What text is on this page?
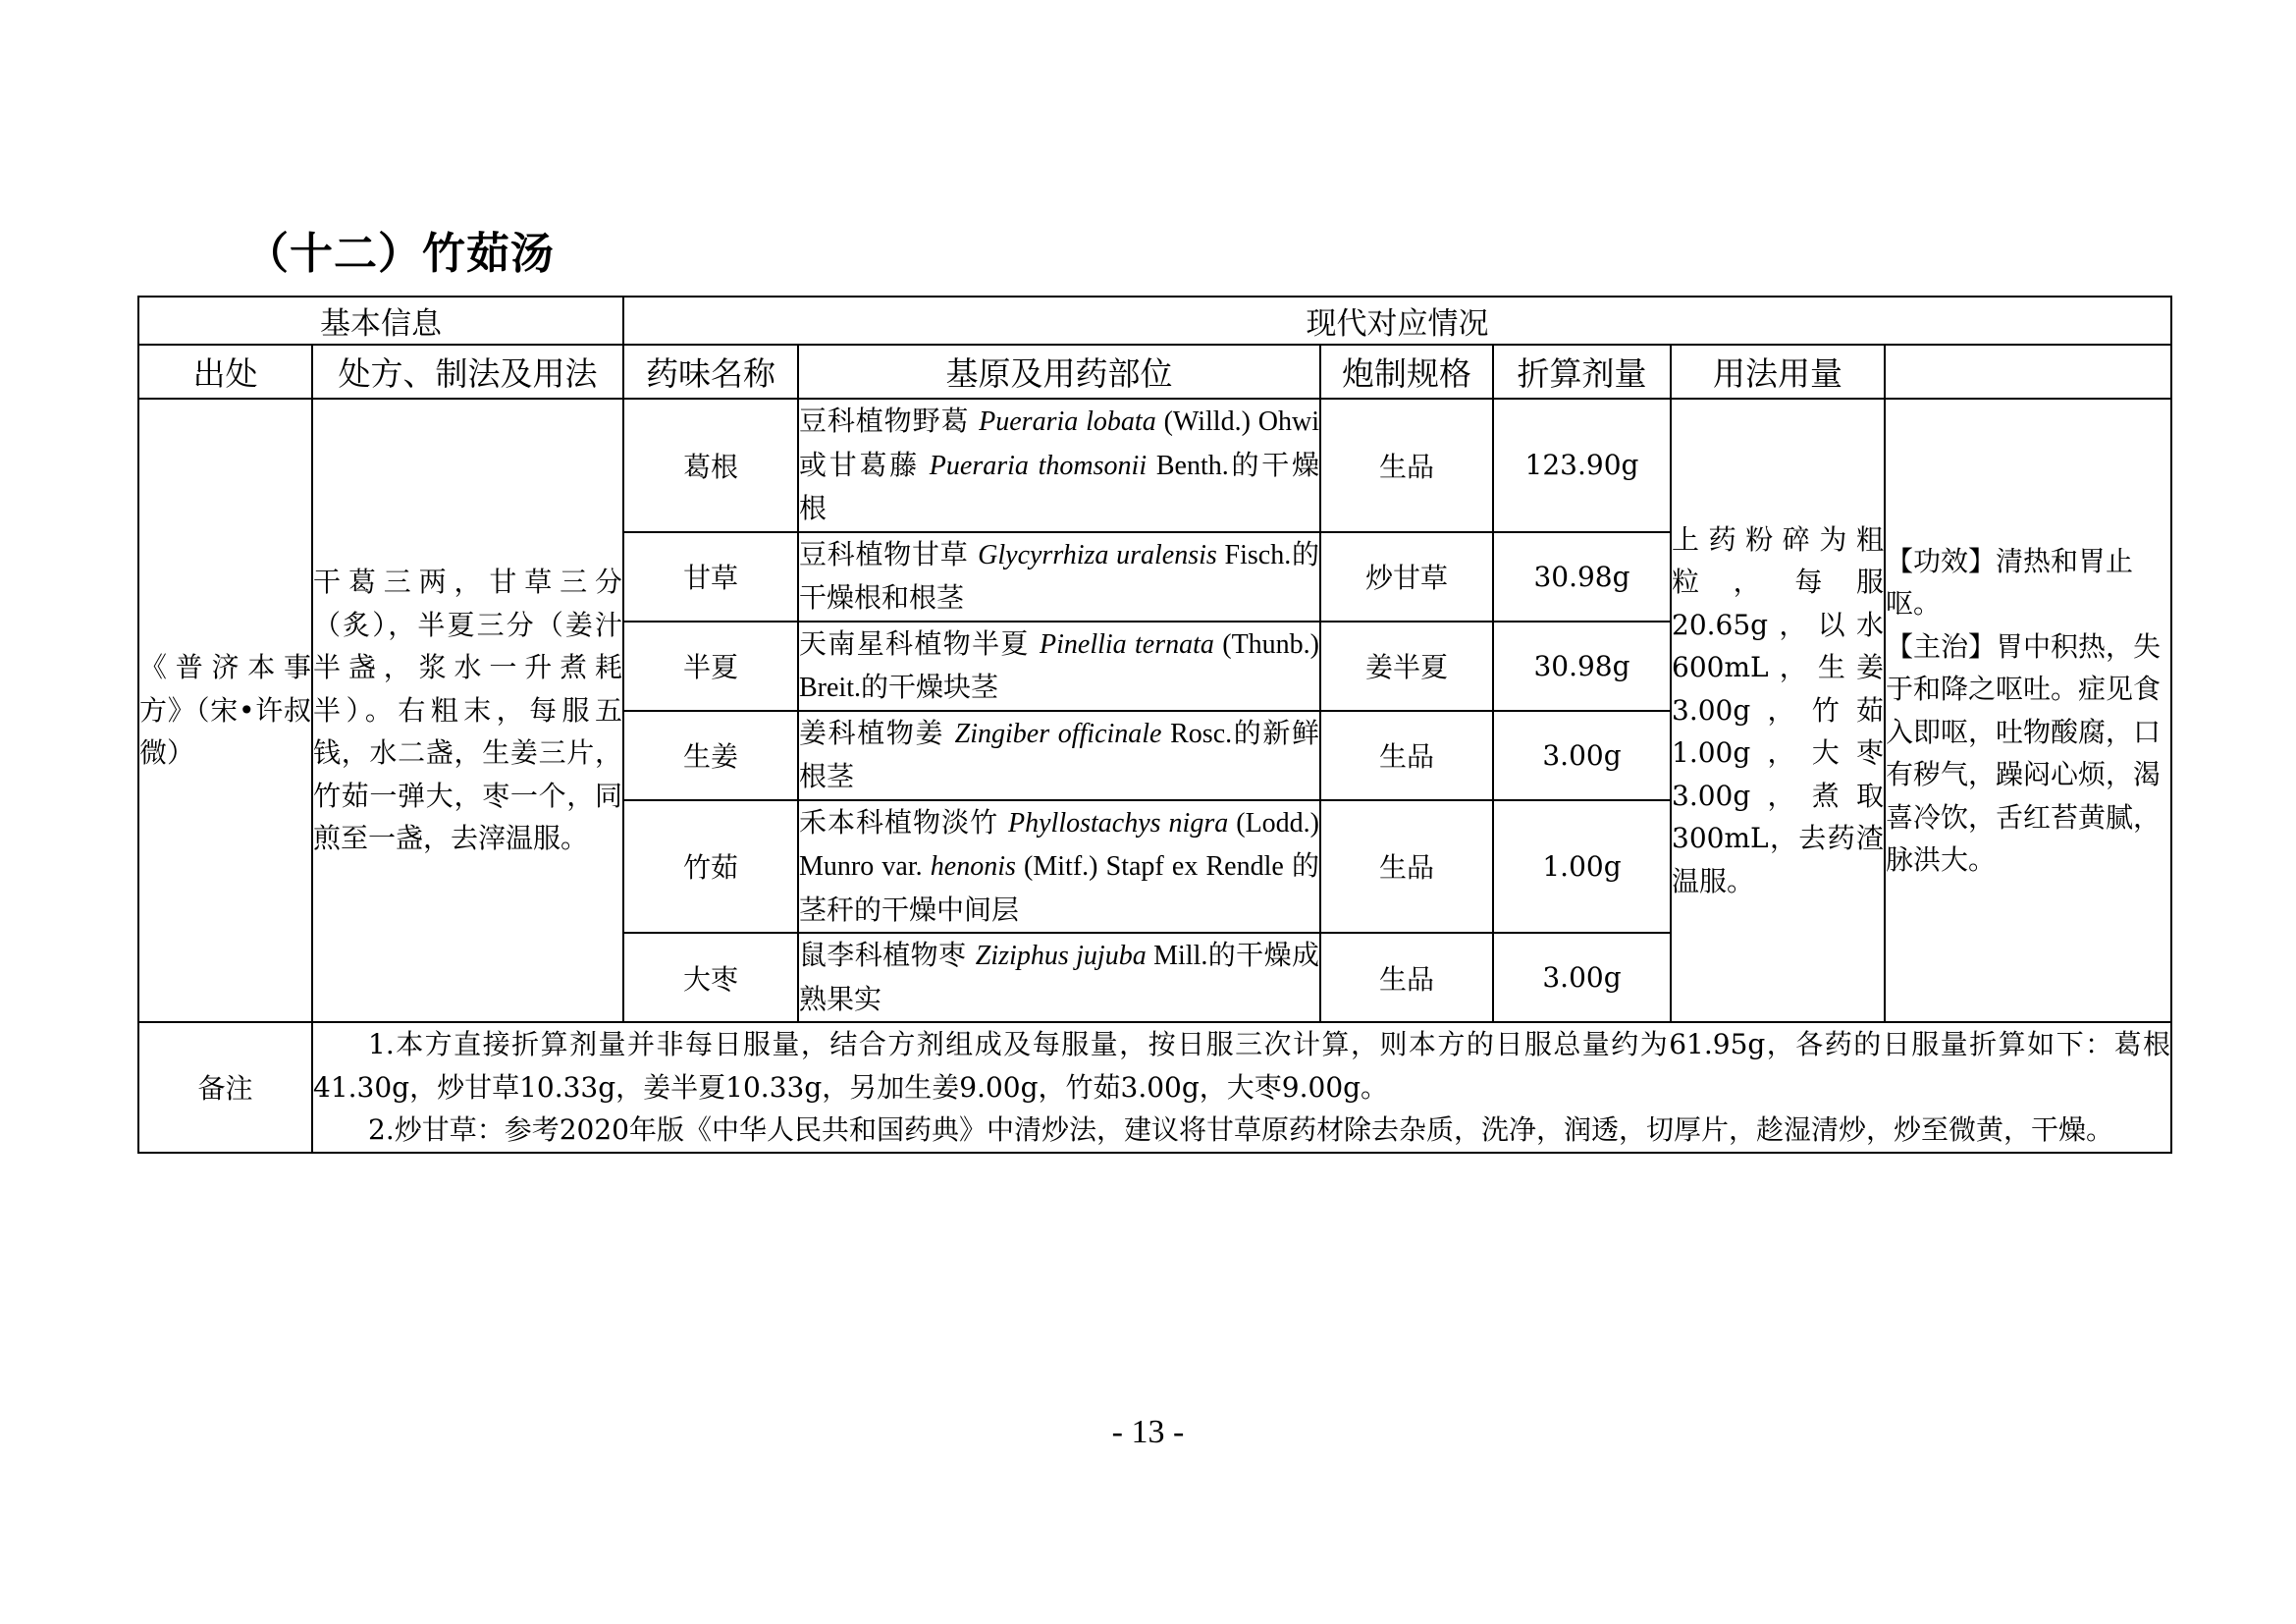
（十二）竹茹汤
基本信息		现代对应情况					
出处	处方、制法及用法	药味名称	基原及用药部位	炮制规格	折算剂量	用法用量	
《普济本事方》（宋•许叔微）	干葛三两，甘草三分（炙），半夏三分（姜汁半盏，浆水一升煮耗半）。右粗末，每服五钱，水二盏，生姜三片，竹茹一弹大，枣一个，同煎至一盏，去滓温服。	葛根	豆科植物野葛 Pueraria lobata (Willd.) Ohwi 或甘葛藤 Pueraria thomsonii Benth.的干燥根	生品	123.90g	上药粉碎为粗粒，每服20.65g，以水600mL，生姜3.00g，竹茹1.00g，大枣3.00g，煮取300mL，去药渣温服。	【功效】清热和胃止呕。
【主治】胃中积热，失于和降之呕吐。症见食入即呕，吐物酸腐，口有秽气，躁闷心烦，渴喜冷饮，舌红苔黄腻，脉洪大。

		甘草	豆科植物甘草 Glycyrrhiza uralensis Fisch.的干燥根和根茎	炒甘草	30.98g		
		半夏	天南星科植物半夏 Pinellia ternata (Thunb.) Breit.的干燥块茎	姜半夏	30.98g		
		生姜	姜科植物姜 Zingiber officinale Rosc.的新鲜根茎	生品	3.00g		
		竹茹	禾本科植物淡竹 Phyllostachys nigra (Lodd.) Munro var. henonis (Mitf.) Stapf ex Rendle 的茎秆的干燥中间层	生品	1.00g		
		大枣	鼠李科植物枣 Ziziphus jujuba Mill.的干燥成熟果实	生品	3.00g		
备注	1.本方直接折算剂量并非每日服量，结合方剂组成及每服量，按日服三次计算，则本方的日服总量约为61.95g，各药的日服量折算如下：葛根41.30g，炒甘草10.33g，姜半夏10.33g，另加生姜9.00g，竹茹3.00g，大枣9.00g。

2.炒甘草：参考2020年版《中华人民共和国药典》中清炒法，建议将甘草原药材除去杂质，洗净，润透，切厚片，趁湿清炒，炒至微黄，干燥。						

- 13 -
